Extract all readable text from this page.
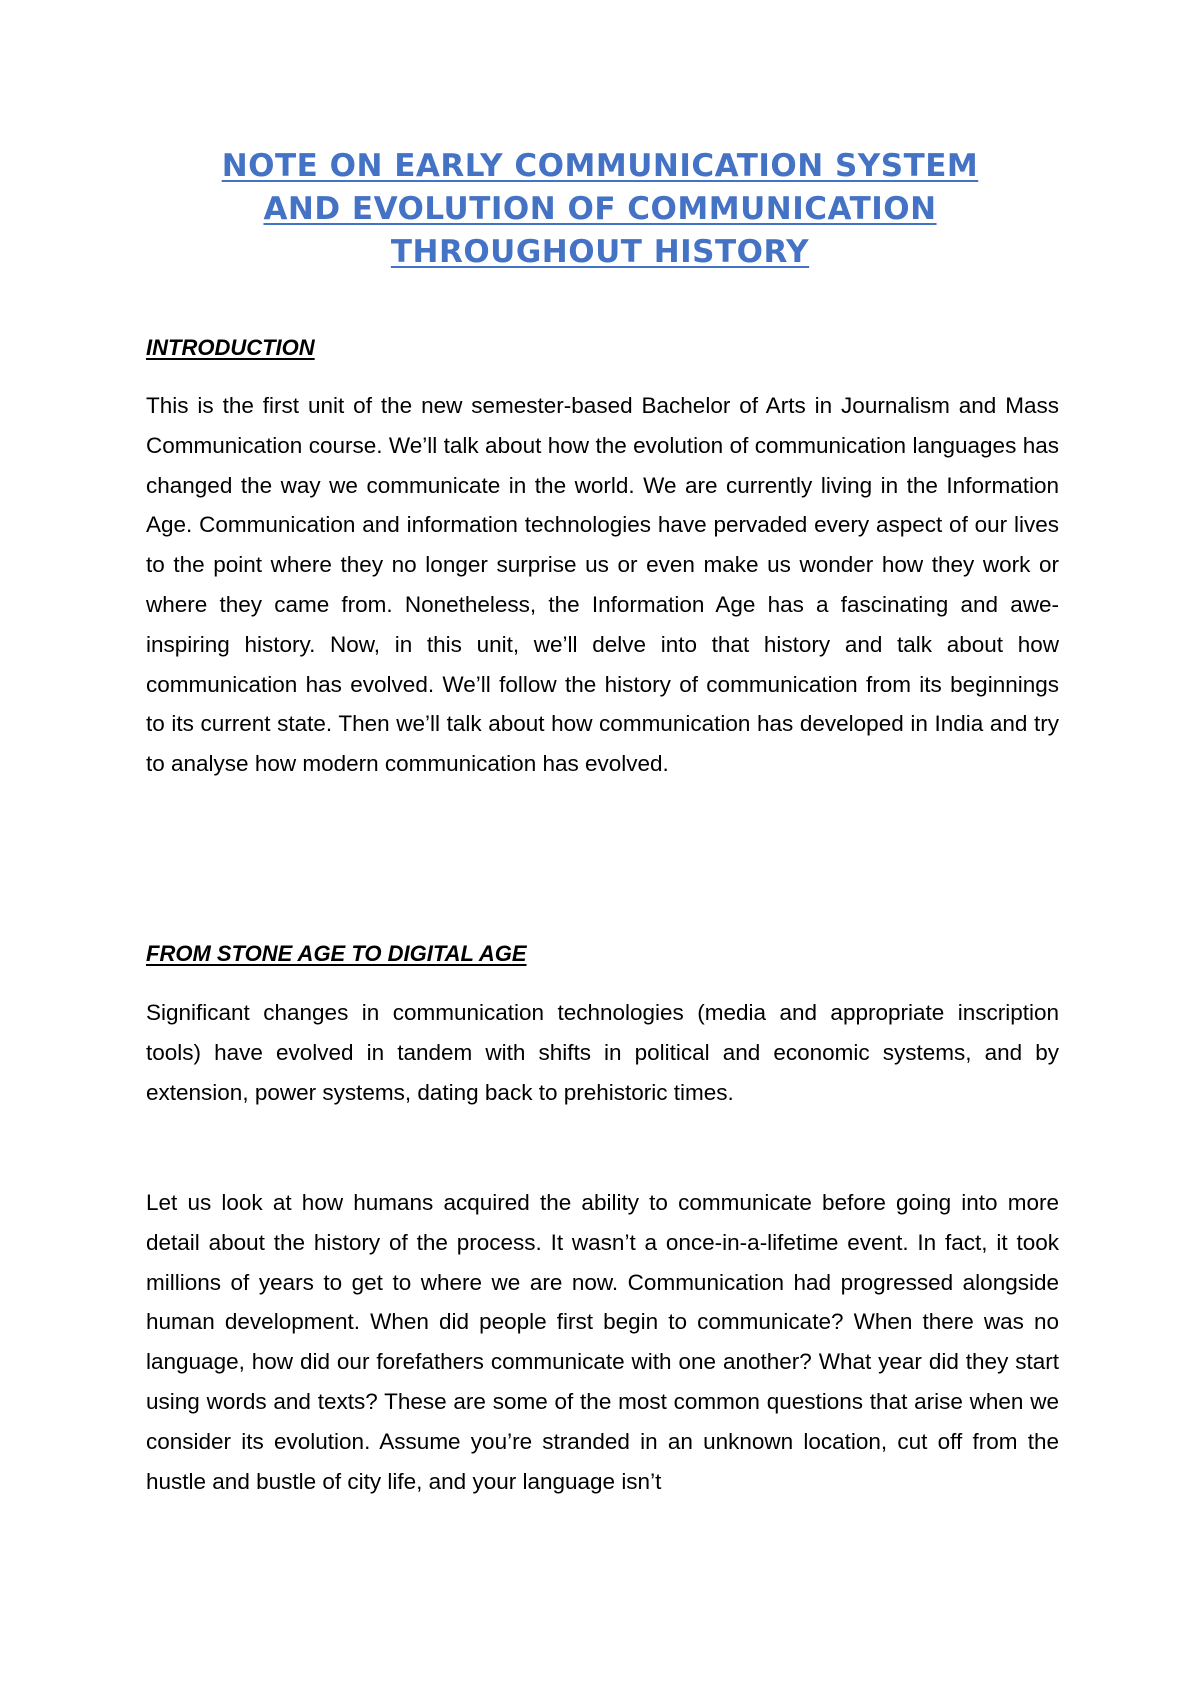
NOTE ON EARLY COMMUNICATION SYSTEM
AND EVOLUTION OF COMMUNICATION
THROUGHOUT HISTORY
INTRODUCTION

This is the first unit of the new semester-based Bachelor of Arts in Journalism and Mass Communication course. We’ll talk about how the evolution of communication languages has changed the way we communicate in the world. We are currently living in the Information Age. Communication and information technologies have pervaded every aspect of our lives to the point where they no longer surprise us or even make us wonder how they work or where they came from. Nonetheless, the Information Age has a fascinating and awe-inspiring history. Now, in this unit, we’ll delve into that history and talk about how communication has evolved. We’ll follow the history of communication from its beginnings to its current state. Then we’ll talk about how communication has developed in India and try to analyse how modern communication has evolved.

FROM STONE AGE TO DIGITAL AGE

Significant changes in communication technologies (media and appropriate inscription tools) have evolved in tandem with shifts in political and economic systems, and by extension, power systems, dating back to prehistoric times.

Let us look at how humans acquired the ability to communicate before going into more detail about the history of the process. It wasn’t a once-in-a-lifetime event. In fact, it took millions of years to get to where we are now. Communication had progressed alongside human development. When did people first begin to communicate? When there was no language, how did our forefathers communicate with one another? What year did they start using words and texts? These are some of the most common questions that arise when we consider its evolution. Assume you’re stranded in an unknown location, cut off from the hustle and bustle of city life, and your language isn’t
